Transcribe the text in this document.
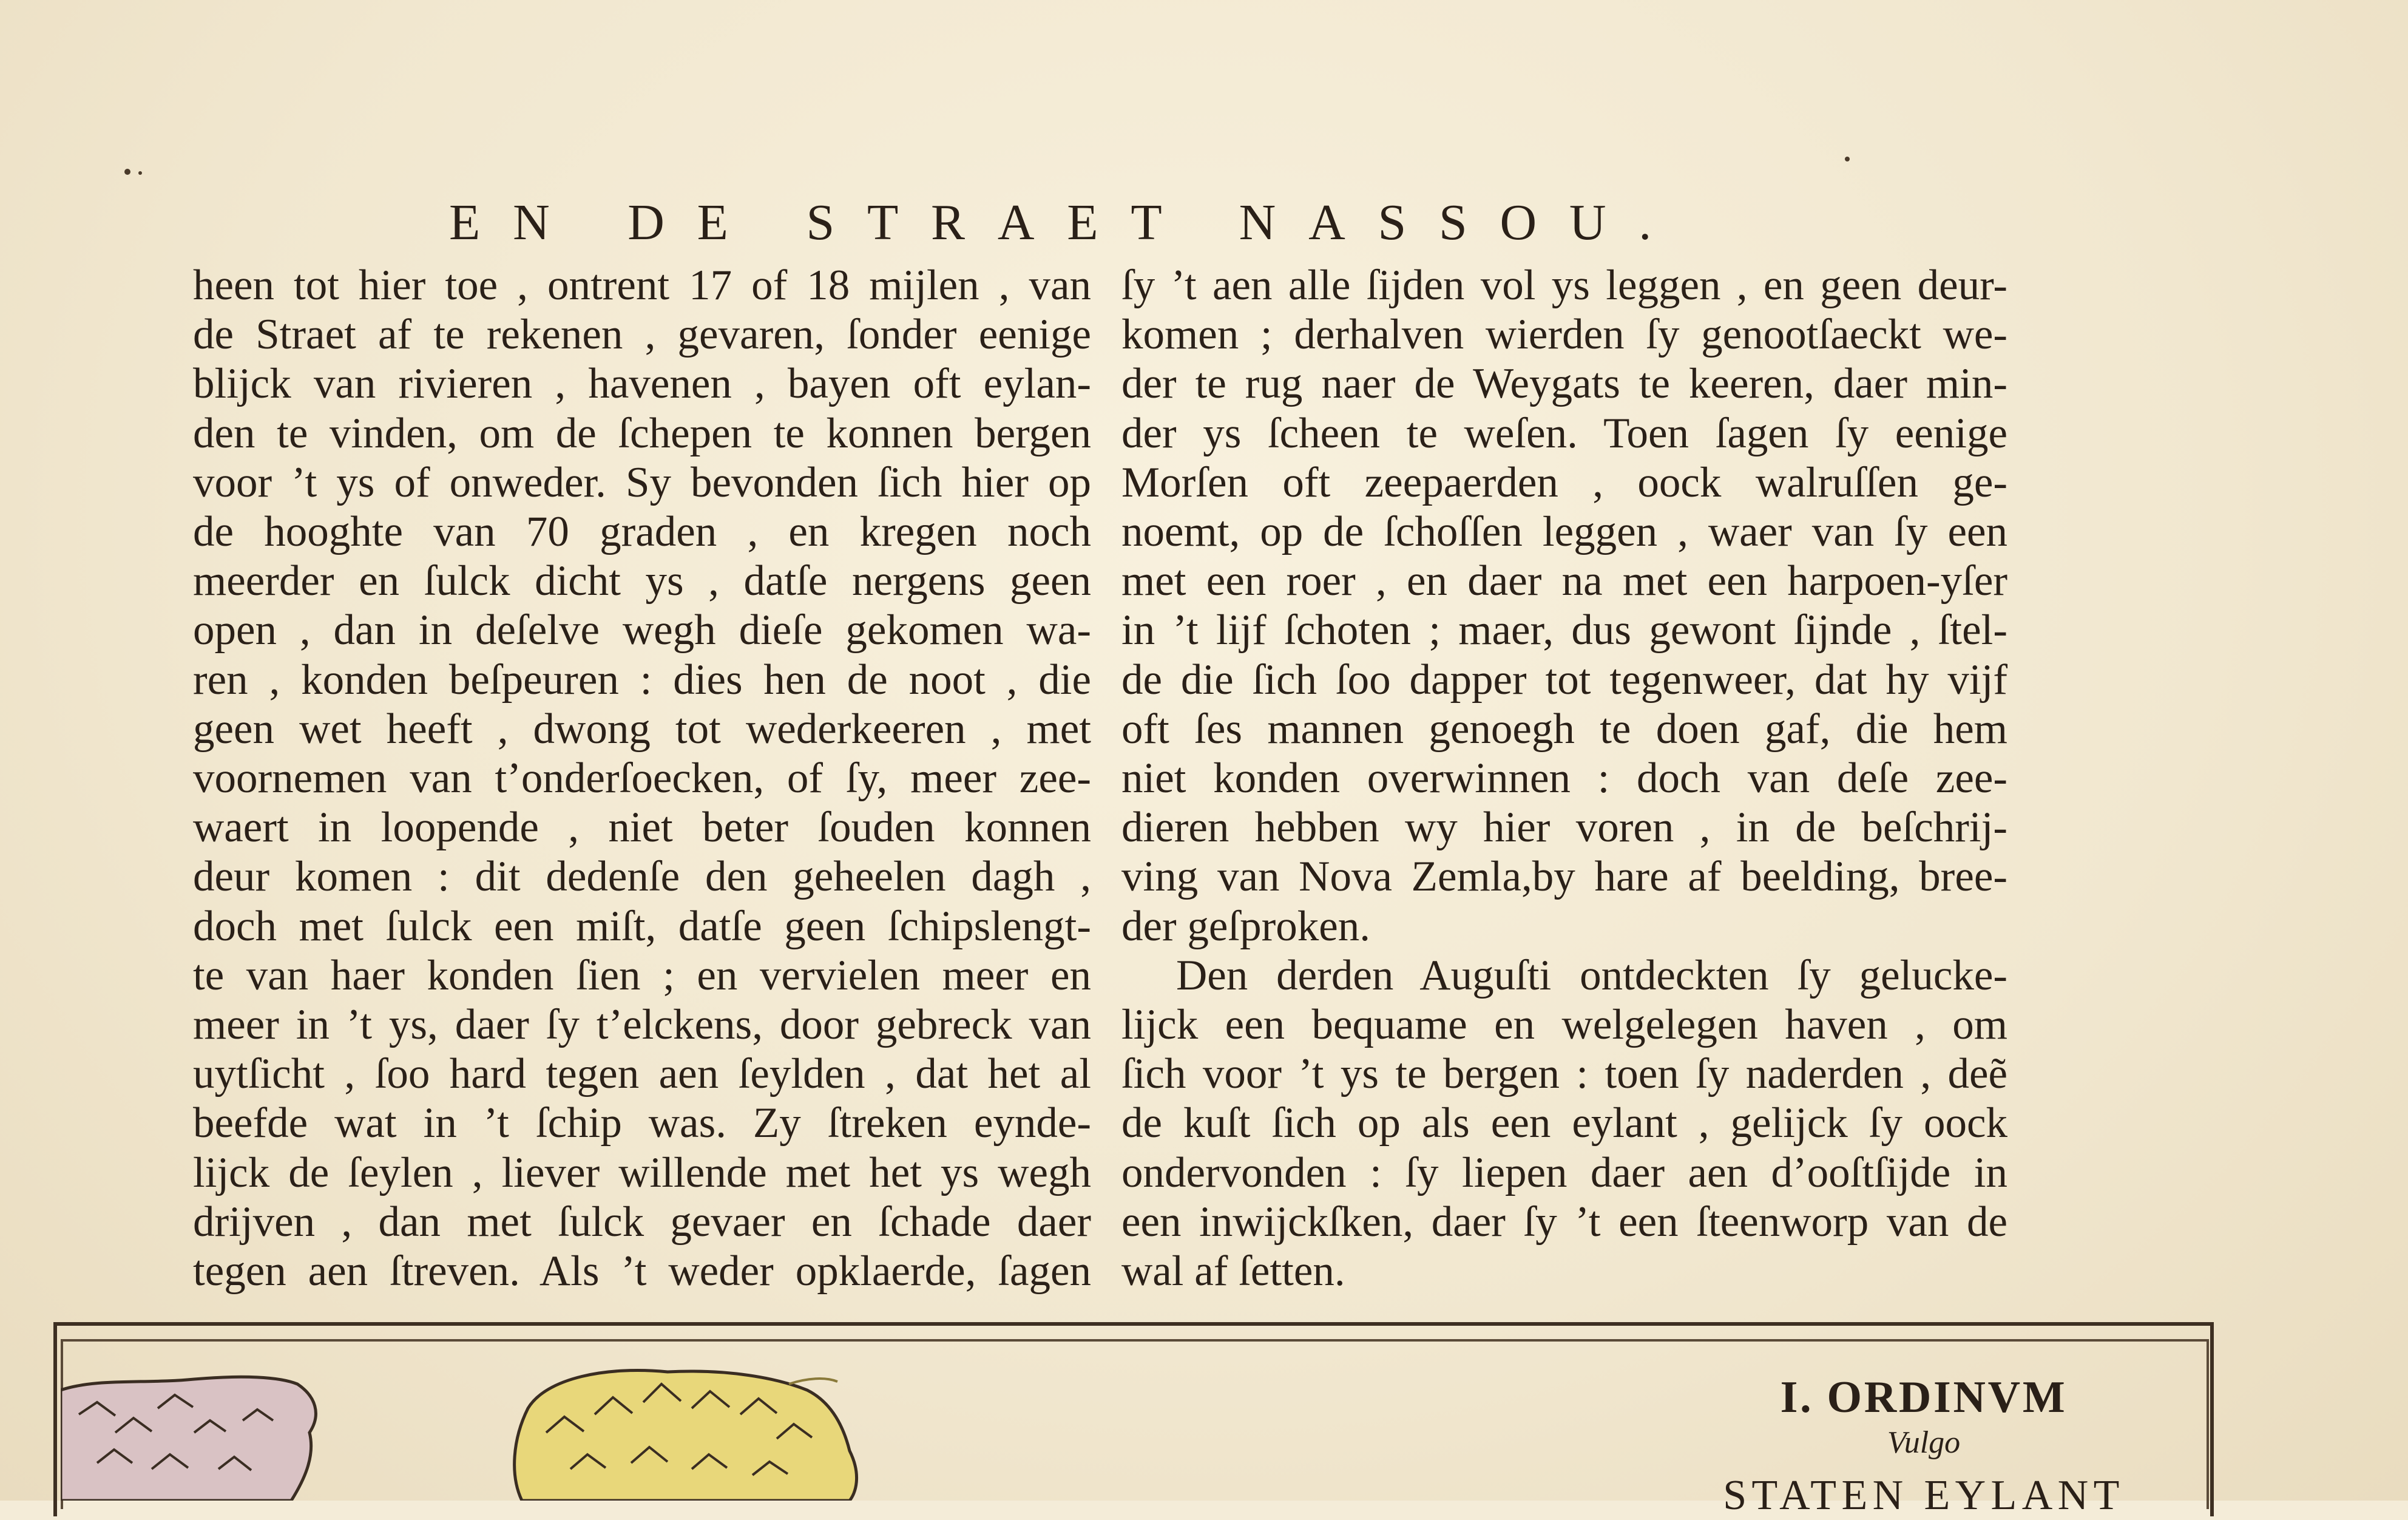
EN DE STRAET NASSOU.
heen tot hier toe , ontrent 17 of 18 mijlen , van
de Straet af te rekenen , gevaren, ſonder eenige
blijck van rivieren , havenen , bayen oft eylan-
den te vinden, om de ſchepen te konnen bergen
voor ’t ys of onweder. Sy bevonden ſich hier op
de hooghte van 70 graden , en kregen noch
meerder en ſulck dicht ys , datſe nergens geen
open , dan in deſelve wegh dieſe gekomen wa-
ren , konden beſpeuren : dies hen de noot , die
geen wet heeft , dwong tot wederkeeren , met
voornemen van t’onderſoecken, of ſy, meer zee-
waert in loopende , niet beter ſouden konnen
deur komen : dit dedenſe den geheelen dagh ,
doch met ſulck een miſt, datſe geen ſchipslengt-
te van haer konden ſien ; en vervielen meer en
meer in ’t ys, daer ſy t’elckens, door gebreck van
uytſicht , ſoo hard tegen aen ſeylden , dat het al
beefde wat in ’t ſchip was. Zy ſtreken eynde-
lijck de ſeylen , liever willende met het ys wegh
drijven , dan met ſulck gevaer en ſchade daer
tegen aen ſtreven. Als ’t weder opklaerde, ſagen
ſy ’t aen alle ſijden vol ys leggen , en geen deur-
komen ; derhalven wierden ſy genootſaeckt we-
der te rug naer de Weygats te keeren, daer min-
der ys ſcheen te weſen. Toen ſagen ſy eenige
Morſen oft zeepaerden , oock walruſſen ge-
noemt, op de ſchoſſen leggen , waer van ſy een
met een roer , en daer na met een harpoen-yſer
in ’t lijf ſchoten ; maer, dus gewont ſijnde , ſtel-
de die ſich ſoo dapper tot tegenweer, dat hy vijf
oft ſes mannen genoegh te doen gaf, die hem
niet konden overwinnen : doch van deſe zee-
dieren hebben wy hier voren , in de beſchrij-
ving van Nova Zemla,by hare af beelding, bree-
der geſproken.
Den derden Auguſti ontdeckten ſy gelucke-
lijck een bequame en welgelegen haven , om
ſich voor ’t ys te bergen : toen ſy naderden , deẽ
de kuſt ſich op als een eylant , gelijck ſy oock
ondervonden : ſy liepen daer aen d’ooſtſijde in
een inwijckſken, daer ſy ’t een ſteenworp van de
wal af ſetten.
I. ORDINVM
Vulgo
STATEN EYLANT
